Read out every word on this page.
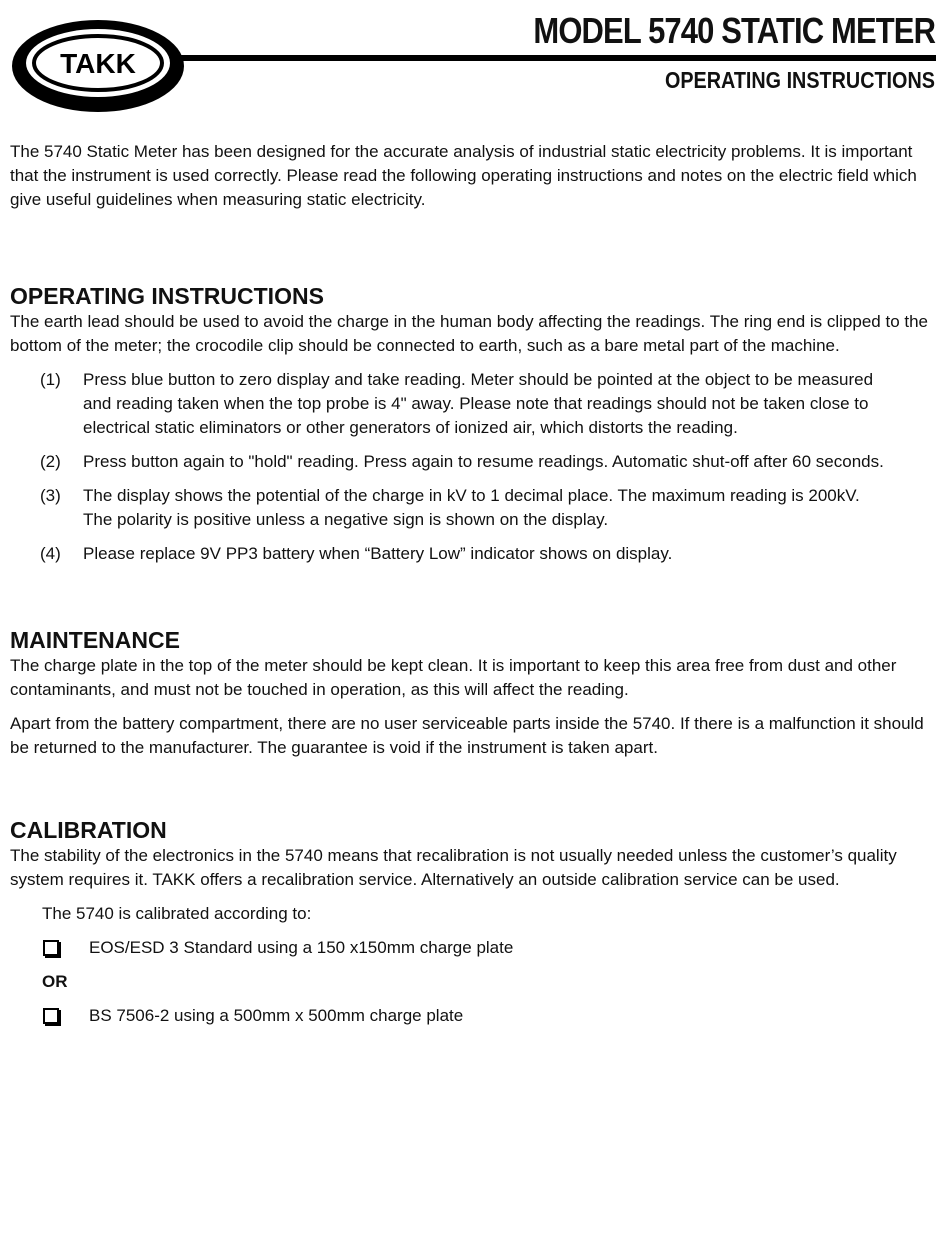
TAKK
MODEL 5740 STATIC METER
OPERATING INSTRUCTIONS

The 5740 Static Meter has been designed for the accurate analysis of industrial static electricity problems. It is important that the instrument is used correctly. Please read the following operating instructions and notes on the electric field which give useful guidelines when measuring static electricity.

OPERATING INSTRUCTIONS

The earth lead should be used to avoid the charge in the human body affecting the readings. The ring end is clipped to the bottom of the meter; the crocodile clip should be connected to earth, such as a bare metal part of the machine.

(1)	Press blue button to zero display and take reading. Meter should be pointed at the object to be measured and reading taken when the top probe is 4" away. Please note that readings should not be taken close to electrical static eliminators or other generators of ionized air, which distorts the reading.
(2)	Press button again to "hold" reading. Press again to resume readings. Automatic shut-off after 60 seconds.
(3)	The display shows the potential of the charge in kV to 1 decimal place. The maximum reading is 200kV. The polarity is positive unless a negative sign is shown on the display.
(4)	Please replace 9V PP3 battery when “Battery Low” indicator shows on display.
MAINTENANCE

The charge plate in the top of the meter should be kept clean. It is important to keep this area free from dust and other contaminants, and must not be touched in operation, as this will affect the reading.

Apart from the battery compartment, there are no user serviceable parts inside the 5740. If there is a malfunction it should be returned to the manufacturer. The guarantee is void if the instrument is taken apart.

CALIBRATION

The stability of the electronics in the 5740 means that recalibration is not usually needed unless the customer’s quality system requires it. TAKK offers a recalibration service. Alternatively an outside calibration service can be used.

The 5740 is calibrated according to:

EOS/ESD 3 Standard using a 150 x150mm charge plate

OR

BS 7506-2 using a 500mm x 500mm charge plate
